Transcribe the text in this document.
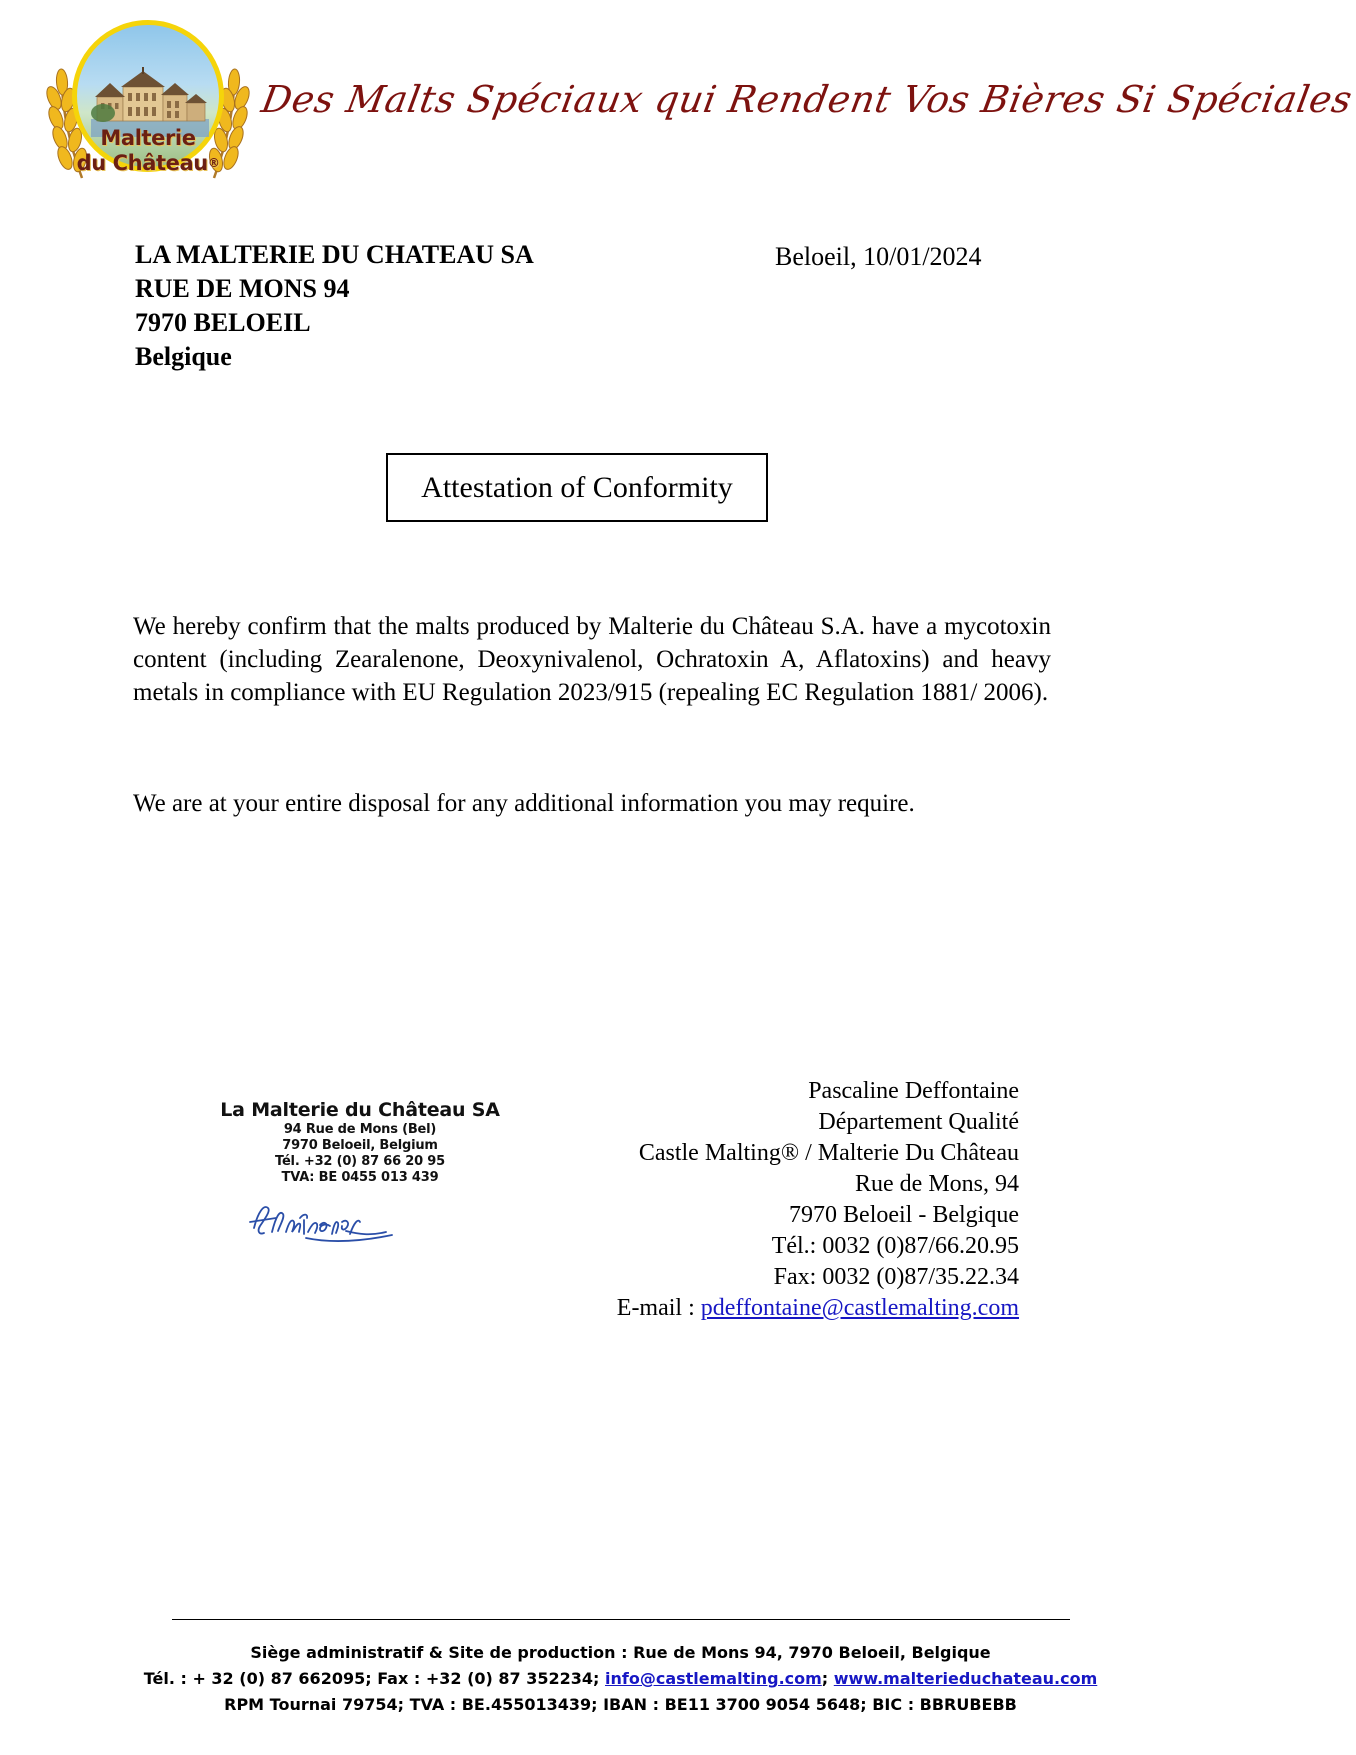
Malterie
du Château®
Des Malts Spéciaux qui Rendent Vos Bières Si Spéciales
LA MALTERIE DU CHATEAU SA
RUE DE MONS 94
7970 BELOEIL
Belgique
Beloeil, 10/01/2024
Attestation of Conformity
We hereby confirm that the malts produced by Malterie du Château S.A. have a mycotoxin content (including Zearalenone, Deoxynivalenol, Ochratoxin A, Aflatoxins) and heavy metals in compliance with EU Regulation 2023/915 (repealing EC Regulation 1881/ 2006).
We are at your entire disposal for any additional information you may require.
La Malterie du Château SA
94 Rue de Mons (Bel)
7970 Beloeil, Belgium
Tél. +32 (0) 87 66 20 95
TVA: BE 0455 013 439
Pascaline Deffontaine
Département Qualité
Castle Malting® / Malterie Du Château
Rue de Mons, 94
7970 Beloeil - Belgique
Tél.: 0032 (0)87/66.20.95
Fax: 0032 (0)87/35.22.34
E-mail : pdeffontaine@castlemalting.com
Siège administratif & Site de production : Rue de Mons 94, 7970 Beloeil, Belgique
Tél. : + 32 (0) 87 662095; Fax : +32 (0) 87 352234; info@castlemalting.com; www.malterieduchateau.com
RPM Tournai 79754; TVA : BE.455013439; IBAN : BE11 3700 9054 5648; BIC : BBRUBEBB
